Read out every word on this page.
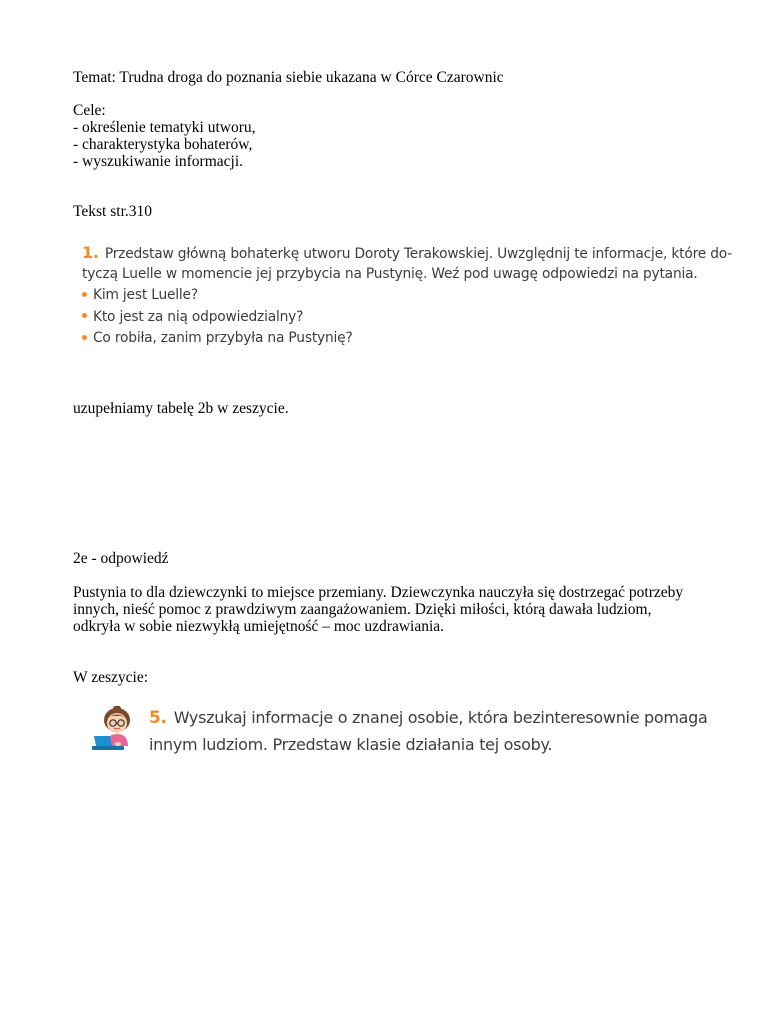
Temat: Trudna droga do poznania siebie ukazana w Córce Czarownic
Cele:
- określenie tematyki utworu,
- charakterystyka bohaterów,
- wyszukiwanie informacji.
Tekst str.310
1. Przedstaw główną bohaterkę utworu Doroty Terakowskiej. Uwzględnij te informacje, które do-
tyczą Luelle w momencie jej przybycia na Pustynię. Weź pod uwagę odpowiedzi na pytania.
Kim jest Luelle?
Kto jest za nią odpowiedzialny?
Co robiła, zanim przybyła na Pustynię?
uzupełniamy tabelę 2b w zeszycie.
2e - odpowiedź
Pustynia to dla dziewczynki to miejsce przemiany. Dziewczynka nauczyła się dostrzegać potrzeby
innych, nieść pomoc z prawdziwym zaangażowaniem. Dzięki miłości, którą dawała ludziom,
odkryła w sobie niezwykłą umiejętność – moc uzdrawiania.
W zeszycie:
5. Wyszukaj informacje o znanej osobie, która bezinteresownie pomaga
innym ludziom. Przedstaw klasie działania tej osoby.
